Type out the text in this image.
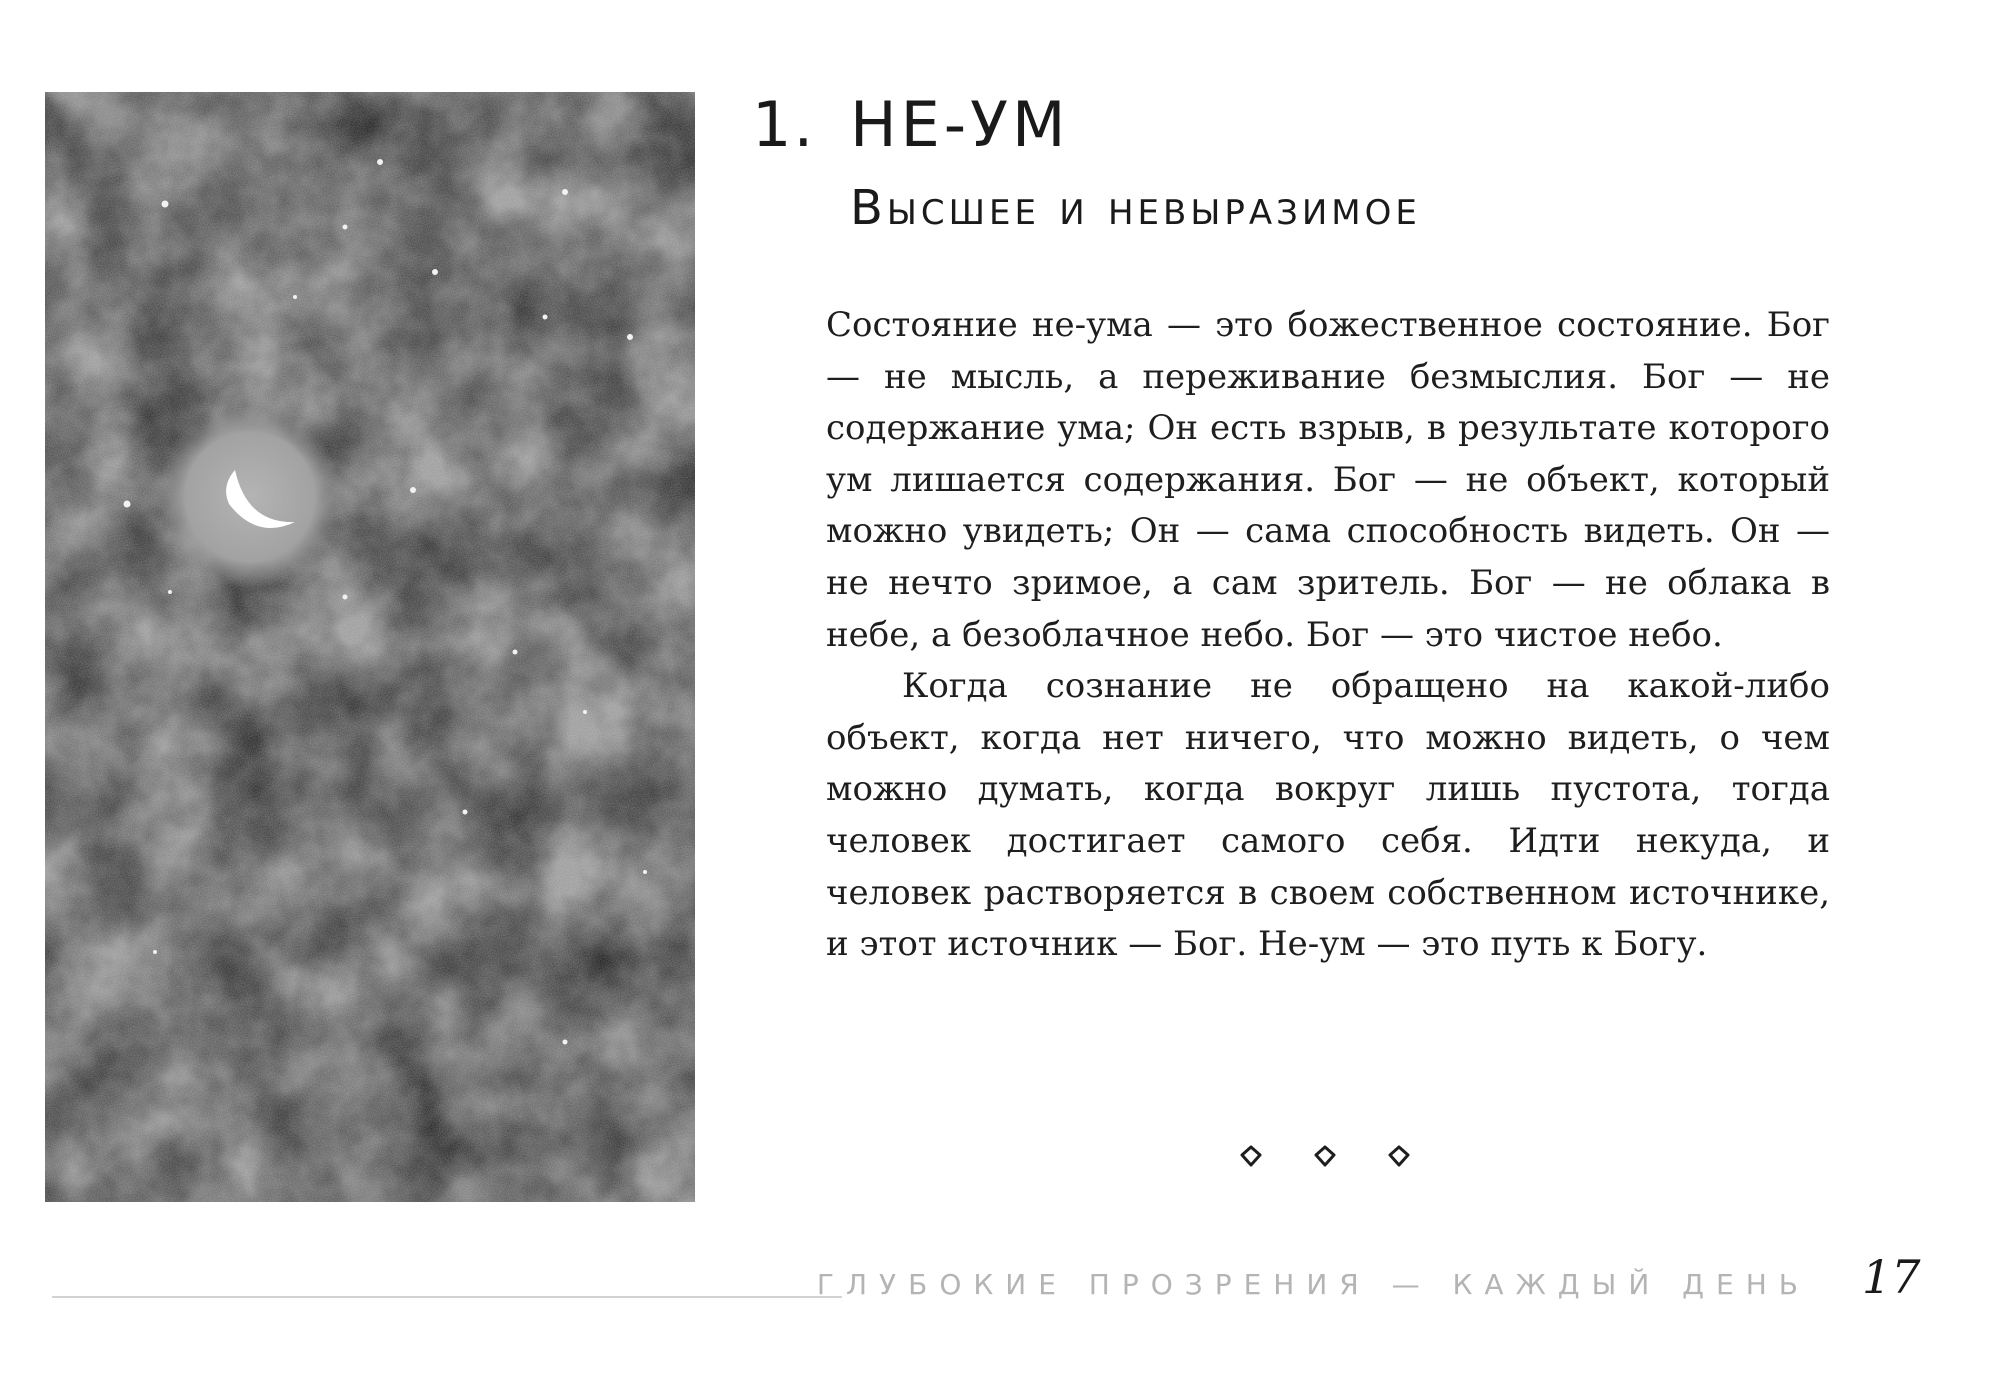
1. НЕ-УМ
Высшее и невыразимое

Состояние не-ума — это божественное состояние. Бог — не мысль, а переживание безмыслия. Бог — не содержание ума; Он есть взрыв, в результате которого ум лишается содержания. Бог — не объект, который можно увидеть; Он — сама способность видеть. Он — не нечто зримое, а сам зритель. Бог — не облака в небе, а безоблачное небо. Бог — это чистое небо.

Когда сознание не обращено на какой-либо объект, когда нет ничего, что можно видеть, о чем можно думать, когда вокруг лишь пустота, тогда человек достигает самого себя. Идти некуда, и человек растворяется в своем собственном источнике, и этот источник — Бог. Не-ум — это путь к Богу.

ГЛУБОКИЕ ПРОЗРЕНИЯ — КАЖДЫЙ ДЕНЬ 17
